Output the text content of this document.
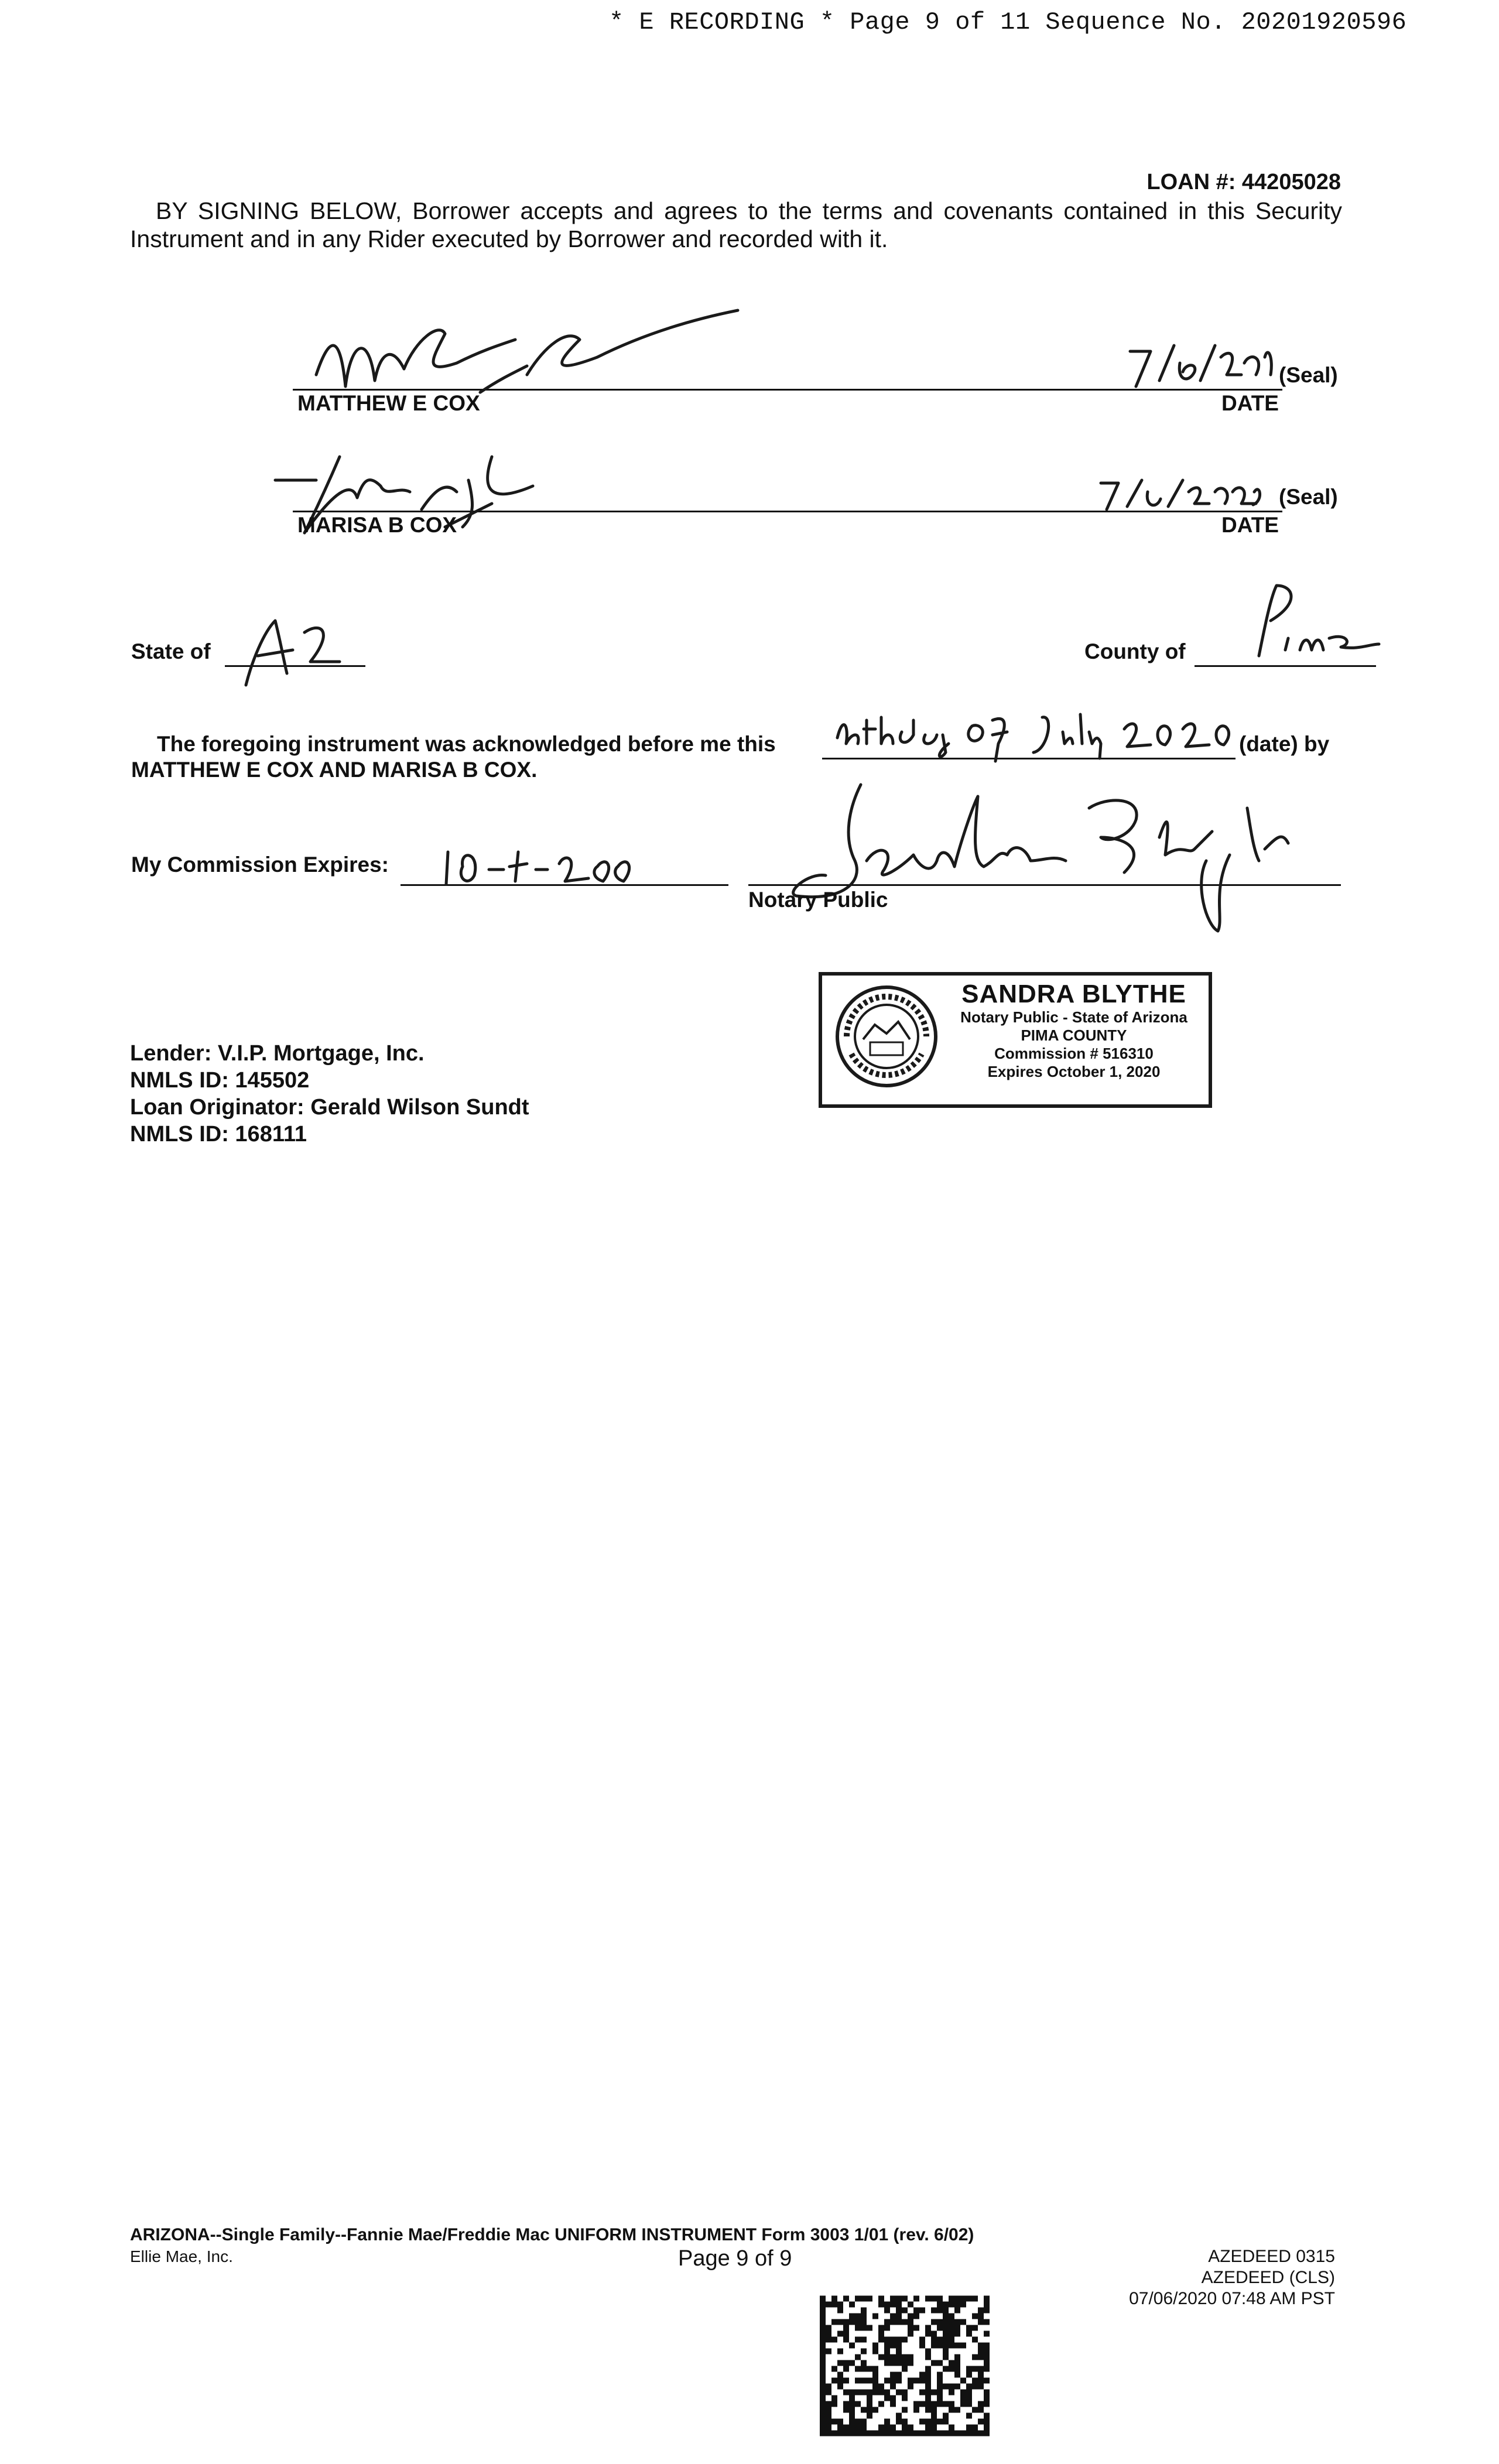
* E RECORDING * Page 9 of 11 Sequence No. 20201920596
LOAN #: 44205028
BY SIGNING BELOW, Borrower accepts and agrees to the terms and covenants contained in this Security Instrument and in any Rider executed by Borrower and recorded with it.
(Seal)
MATTHEW E COX	DATE
(Seal)
MARISA B COX	DATE
State of	County of
The foregoing instrument was acknowledged before me this	(date) by
MATTHEW E COX AND MARISA B COX.
My Commission Expires:
Notary Public
SANDRA BLYTHE
Notary Public - State of Arizona
PIMA COUNTY
Commission # 516310
Expires October 1, 2020
Lender: V.I.P. Mortgage, Inc.
NMLS ID: 145502
Loan Originator: Gerald Wilson Sundt
NMLS ID: 168111
ARIZONA--Single Family--Fannie Mae/Freddie Mac UNIFORM INSTRUMENT Form 3003 1/01 (rev. 6/02)
Ellie Mae, Inc.	Page 9 of 9	AZEDEED 0315
AZEDEED (CLS)
07/06/2020 07:48 AM PST
